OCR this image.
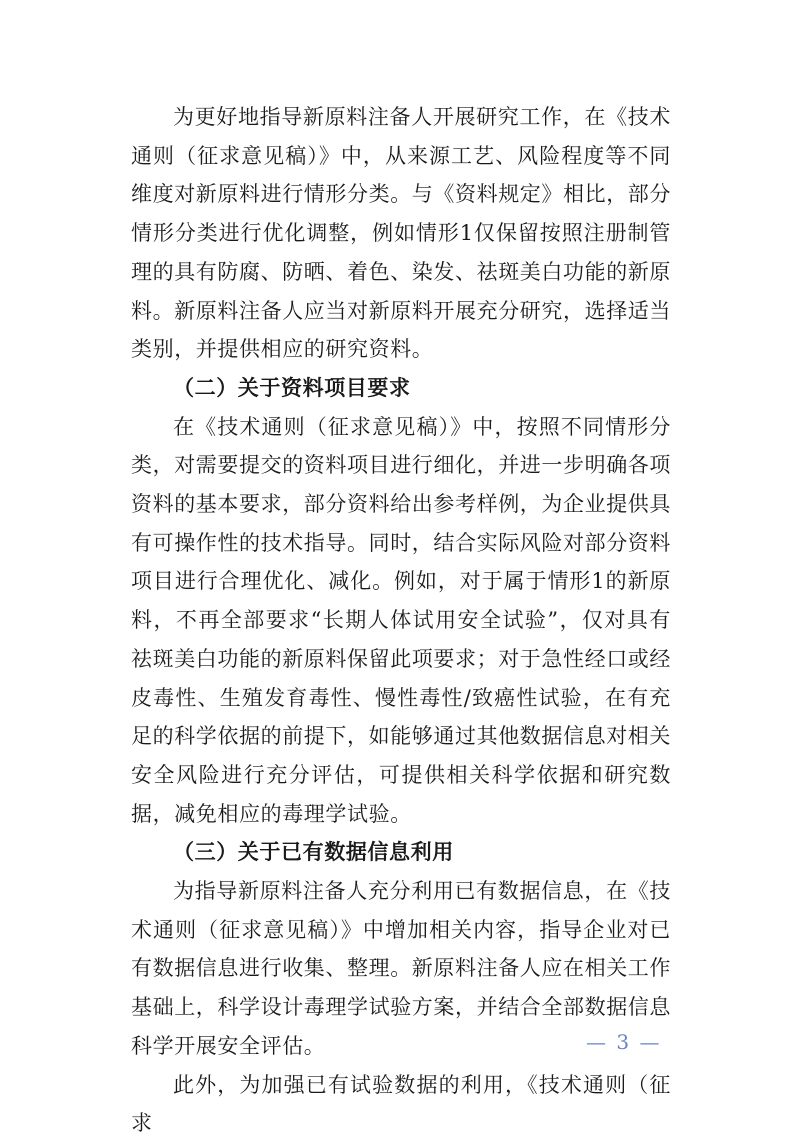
为更好地指导新原料注备人开展研究工作，在《技术通则（征求意见稿）》中，从来源工艺、风险程度等不同维度对新原料进行情形分类。与《资料规定》相比，部分情形分类进行优化调整，例如情形1仅保留按照注册制管理的具有防腐、防晒、着色、染发、祛斑美白功能的新原料。新原料注备人应当对新原料开展充分研究，选择适当类别，并提供相应的研究资料。

（二）关于资料项目要求

在《技术通则（征求意见稿）》中，按照不同情形分类，对需要提交的资料项目进行细化，并进一步明确各项资料的基本要求，部分资料给出参考样例，为企业提供具有可操作性的技术指导。同时，结合实际风险对部分资料项目进行合理优化、减化。例如，对于属于情形1的新原料，不再全部要求“长期人体试用安全试验”，仅对具有祛斑美白功能的新原料保留此项要求；对于急性经口或经皮毒性、生殖发育毒性、慢性毒性/致癌性试验，在有充足的科学依据的前提下，如能够通过其他数据信息对相关安全风险进行充分评估，可提供相关科学依据和研究数据，减免相应的毒理学试验。

（三）关于已有数据信息利用

为指导新原料注备人充分利用已有数据信息，在《技术通则（征求意见稿）》中增加相关内容，指导企业对已有数据信息进行收集、整理。新原料注备人应在相关工作基础上，科学设计毒理学试验方案，并结合全部数据信息科学开展安全评估。

此外，为加强已有试验数据的利用，《技术通则（征求

— 3 —
